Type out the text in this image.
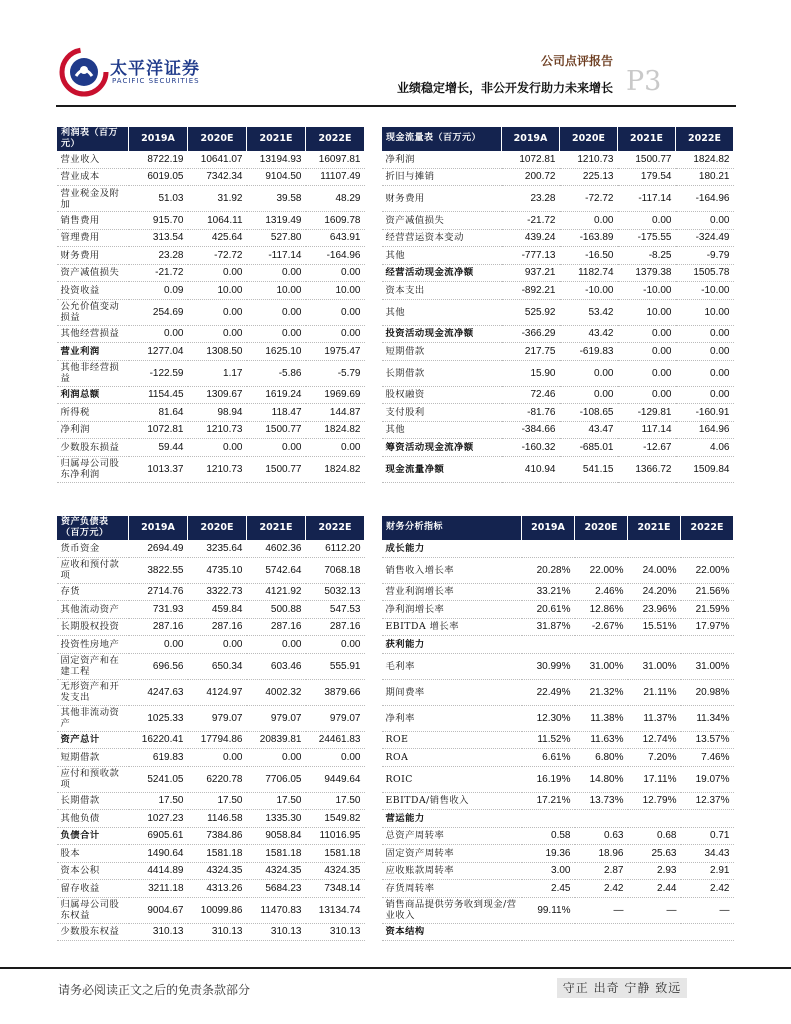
太平洋证券
PACIFIC SECURITIES
公司点评报告
业绩稳定增长，非公开发行助力未来增长 P3
利润表（百万元）	2019A	2020E	2021E	2022E
营业收入	8722.19	10641.07	13194.93	16097.81
营业成本	6019.05	7342.34	9104.50	11107.49
营业税金及附加	51.03	31.92	39.58	48.29
销售费用	915.70	1064.11	1319.49	1609.78
管理费用	313.54	425.64	527.80	643.91
财务费用	23.28	-72.72	-117.14	-164.96
资产减值损失	-21.72	0.00	0.00	0.00
投资收益	0.09	10.00	10.00	10.00
公允价值变动损益	254.69	0.00	0.00	0.00
其他经营损益	0.00	0.00	0.00	0.00
营业利润	1277.04	1308.50	1625.10	1975.47
其他非经营损益	-122.59	1.17	-5.86	-5.79
利润总额	1154.45	1309.67	1619.24	1969.69
所得税	81.64	98.94	118.47	144.87
净利润	1072.81	1210.73	1500.77	1824.82
少数股东损益	59.44	0.00	0.00	0.00
归属母公司股东净利润	1013.37	1210.73	1500.77	1824.82

现金流量表（百万元）	2019A	2020E	2021E	2022E
净利润	1072.81	1210.73	1500.77	1824.82
折旧与摊销	200.72	225.13	179.54	180.21
财务费用	23.28	-72.72	-117.14	-164.96
资产减值损失	-21.72	0.00	0.00	0.00
经营营运资本变动	439.24	-163.89	-175.55	-324.49
其他	-777.13	-16.50	-8.25	-9.79
经营活动现金流净额	937.21	1182.74	1379.38	1505.78
资本支出	-892.21	-10.00	-10.00	-10.00
其他	525.92	53.42	10.00	10.00
投资活动现金流净额	-366.29	43.42	0.00	0.00
短期借款	217.75	-619.83	0.00	0.00
长期借款	15.90	0.00	0.00	0.00
股权融资	72.46	0.00	0.00	0.00
支付股利	-81.76	-108.65	-129.81	-160.91
其他	-384.66	43.47	117.14	164.96
筹资活动现金流净额	-160.32	-685.01	-12.67	4.06
现金流量净额	410.94	541.15	1366.72	1509.84

资产负债表（百万元）	2019A	2020E	2021E	2022E
货币资金	2694.49	3235.64	4602.36	6112.20
应收和预付款项	3822.55	4735.10	5742.64	7068.18
存货	2714.76	3322.73	4121.92	5032.13
其他流动资产	731.93	459.84	500.88	547.53
长期股权投资	287.16	287.16	287.16	287.16
投资性房地产	0.00	0.00	0.00	0.00
固定资产和在建工程	696.56	650.34	603.46	555.91
无形资产和开发支出	4247.63	4124.97	4002.32	3879.66
其他非流动资产	1025.33	979.07	979.07	979.07
资产总计	16220.41	17794.86	20839.81	24461.83
短期借款	619.83	0.00	0.00	0.00
应付和预收款项	5241.05	6220.78	7706.05	9449.64
长期借款	17.50	17.50	17.50	17.50
其他负债	1027.23	1146.58	1335.30	1549.82
负债合计	6905.61	7384.86	9058.84	11016.95
股本	1490.64	1581.18	1581.18	1581.18
资本公积	4414.89	4324.35	4324.35	4324.35
留存收益	3211.18	4313.26	5684.23	7348.14
归属母公司股东权益	9004.67	10099.86	11470.83	13134.74
少数股东权益	310.13	310.13	310.13	310.13
财务分析指标	2019A	2020E	2021E	2022E
成长能力				
销售收入增长率	20.28%	22.00%	24.00%	22.00%
营业利润增长率	33.21%	2.46%	24.20%	21.56%
净利润增长率	20.61%	12.86%	23.96%	21.59%
EBITDA 增长率	31.87%	-2.67%	15.51%	17.97%
获利能力				
毛利率	30.99%	31.00%	31.00%	31.00%
期间费率	22.49%	21.32%	21.11%	20.98%
净利率	12.30%	11.38%	11.37%	11.34%
ROE	11.52%	11.63%	12.74%	13.57%
ROA	6.61%	6.80%	7.20%	7.46%
ROIC	16.19%	14.80%	17.11%	19.07%
EBITDA/销售收入	17.21%	13.73%	12.79%	12.37%
营运能力				
总资产周转率	0.58	0.63	0.68	0.71
固定资产周转率	19.36	18.96	25.63	34.43
应收账款周转率	3.00	2.87	2.93	2.91
存货周转率	2.45	2.42	2.44	2.42
销售商品提供劳务收到现金/营业收入	99.11%	—	—	—
资本结构				
请务必阅读正文之后的免责条款部分	守正 出奇 宁静 致远
